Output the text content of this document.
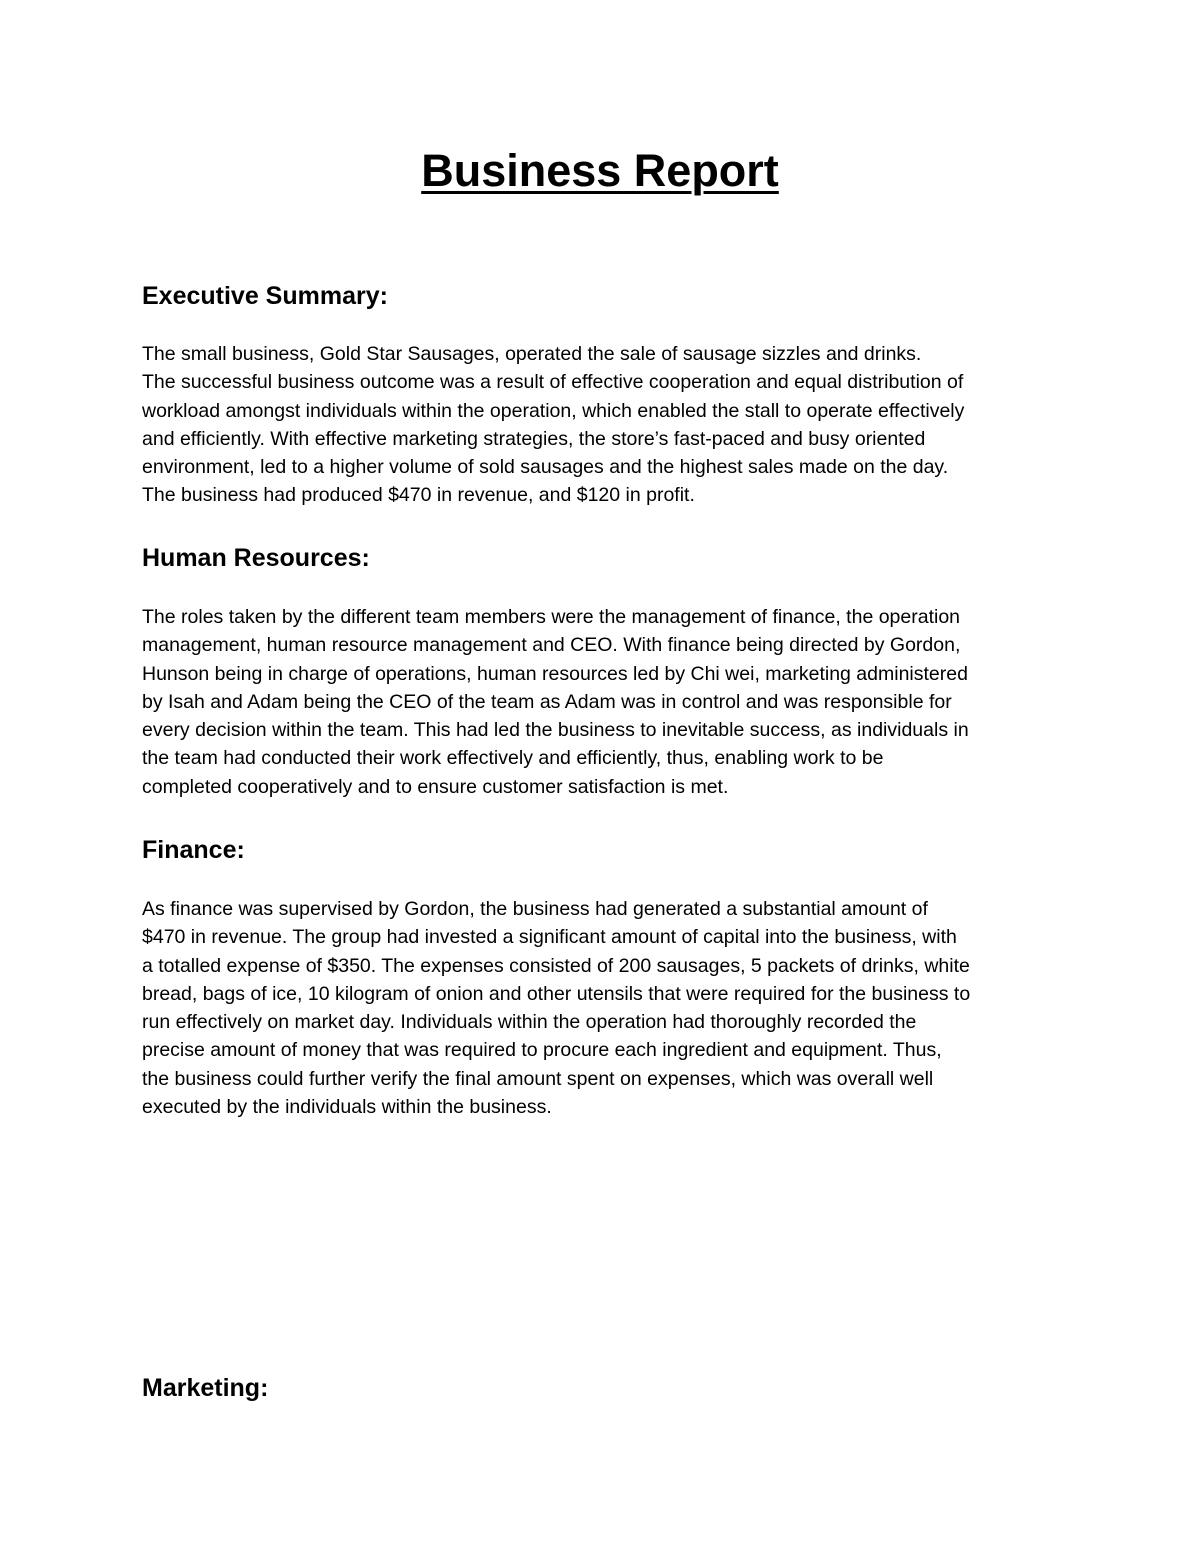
Business Report
Executive Summary:

The small business, Gold Star Sausages, operated the sale of sausage sizzles and drinks.
The successful business outcome was a result of effective cooperation and equal distribution of
workload amongst individuals within the operation, which enabled the stall to operate effectively
and efficiently. With effective marketing strategies, the store’s fast-paced and busy oriented
environment, led to a higher volume of sold sausages and the highest sales made on the day.
The business had produced $470 in revenue, and $120 in profit.

Human Resources:

The roles taken by the different team members were the management of finance, the operation
management, human resource management and CEO. With finance being directed by Gordon,
Hunson being in charge of operations, human resources led by Chi wei, marketing administered
by Isah and Adam being the CEO of the team as Adam was in control and was responsible for
every decision within the team. This had led the business to inevitable success, as individuals in
the team had conducted their work effectively and efficiently, thus, enabling work to be
completed cooperatively and to ensure customer satisfaction is met.

Finance:

As finance was supervised by Gordon, the business had generated a substantial amount of
$470 in revenue. The group had invested a significant amount of capital into the business, with
a totalled expense of $350. The expenses consisted of 200 sausages, 5 packets of drinks, white
bread, bags of ice, 10 kilogram of onion and other utensils that were required for the business to
run effectively on market day. Individuals within the operation had thoroughly recorded the
precise amount of money that was required to procure each ingredient and equipment. Thus,
the business could further verify the final amount spent on expenses, which was overall well
executed by the individuals within the business.

Marketing:
